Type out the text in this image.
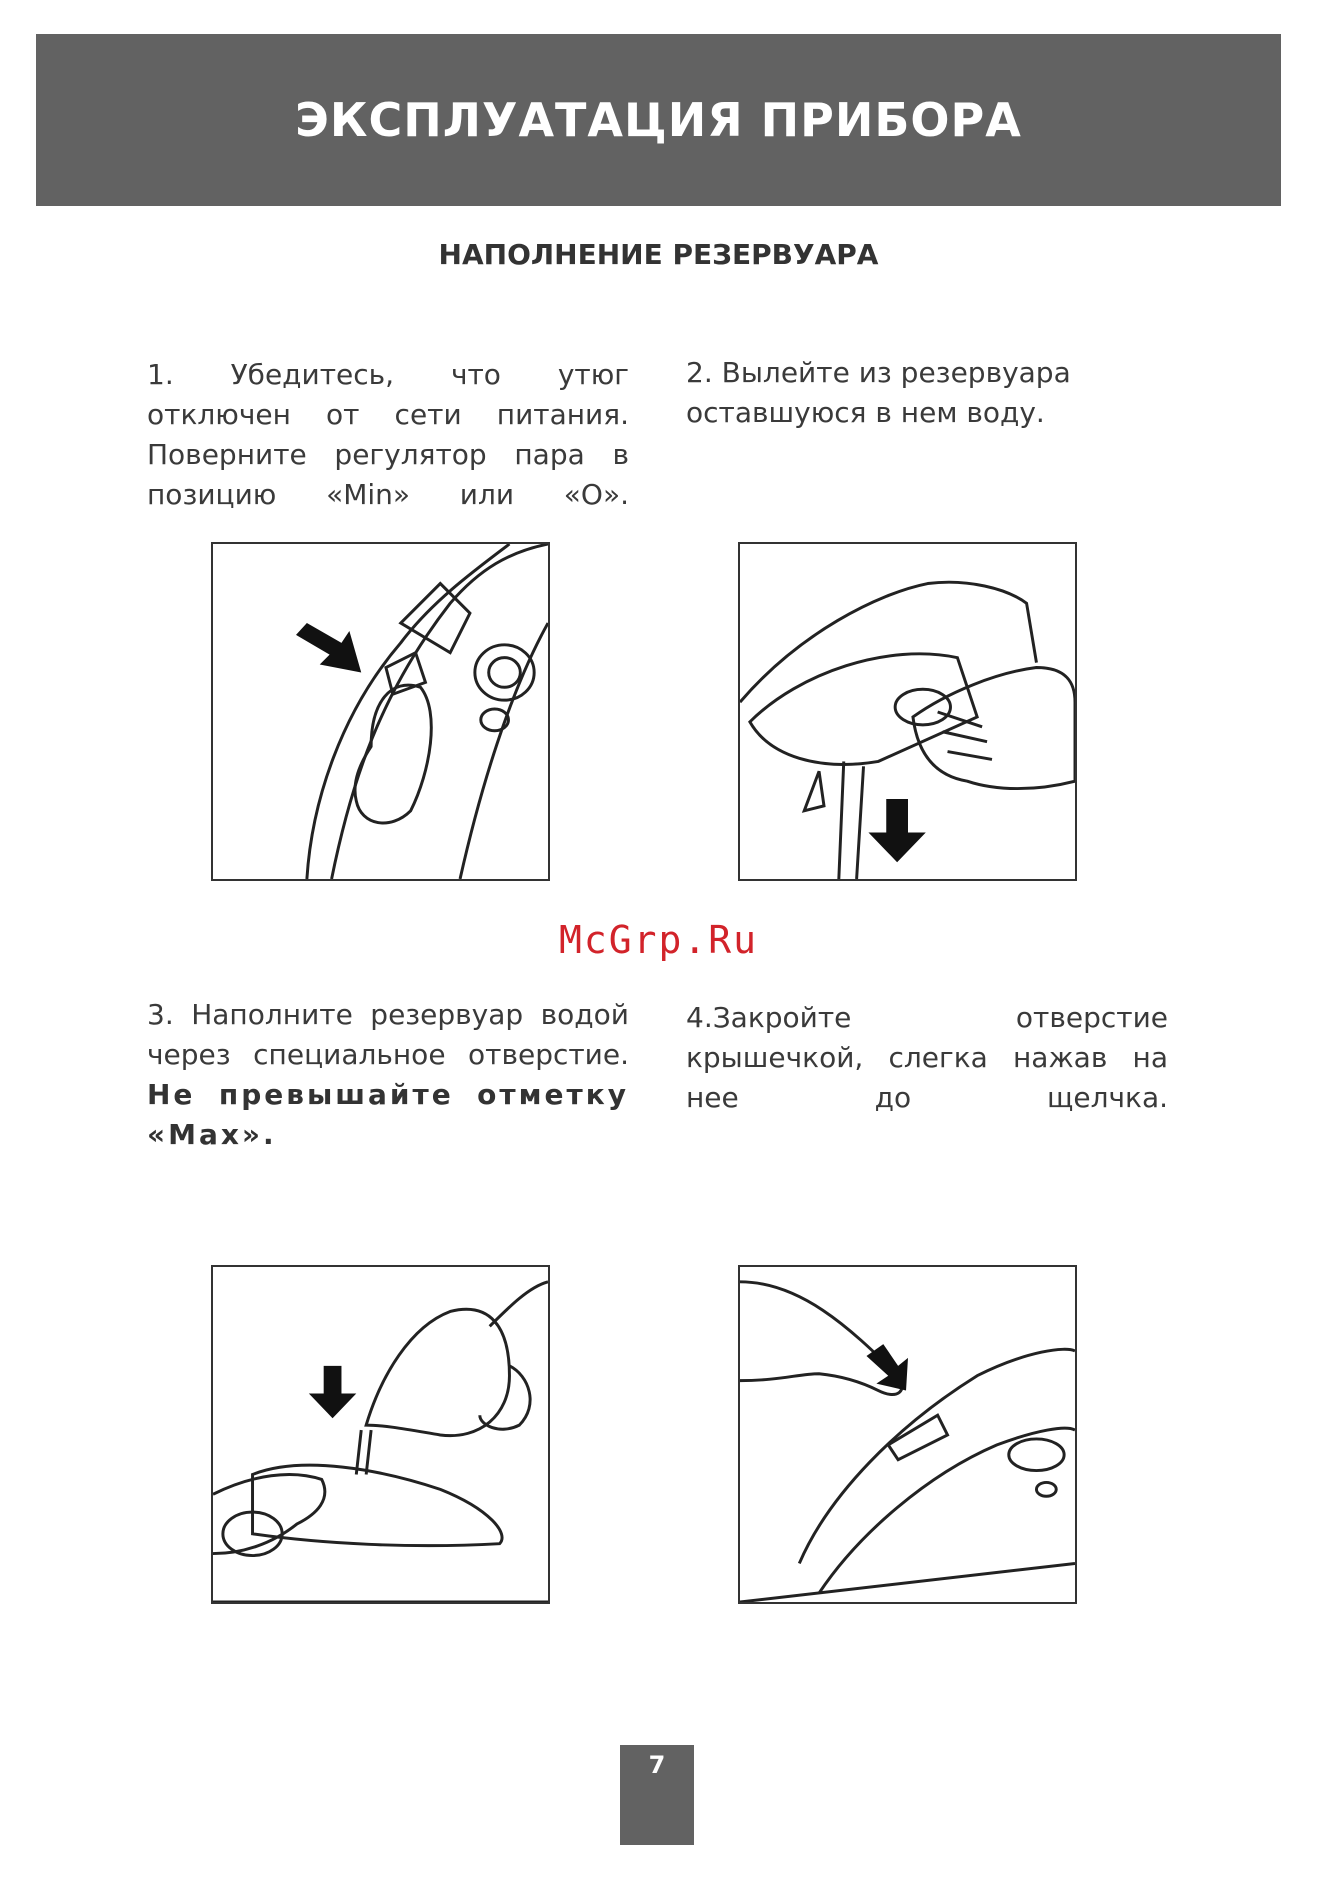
ЭКСПЛУАТАЦИЯ ПРИБОРА
НАПОЛНЕНИЕ РЕЗЕРВУАРА

1. Убедитесь, что утюг отключен от сети питания.

Поверните регулятор пара в позицию «Min» или «O».

2. Вылейте из резервуара оставшуюся в нем воду.

McGrp.Ru

3. Наполните резервуар водой через специальное отверстие.

Не превышайте отметку «Max».

4.Закройте отверстие крышечкой, слегка нажав на нее до щелчка.

7
